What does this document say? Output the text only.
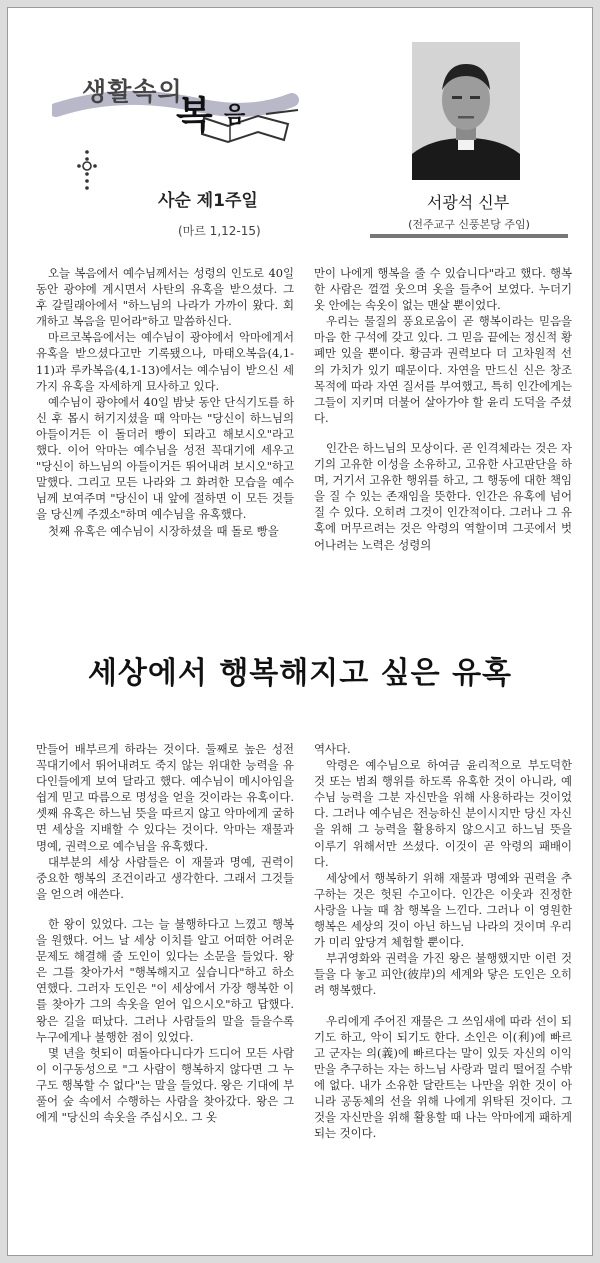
생활속의
복 음
사순 제1주일
(마르 1,12-15)
서광석 신부
(전주교구 신풍본당 주임)

오늘 복음에서 예수님께서는 성령의 인도로 40일 동안 광야에 계시면서 사탄의 유혹을 받으셨다. 그 후 갈릴래아에서 "하느님의 나라가 가까이 왔다. 회개하고 복음을 믿어라"하고 말씀하신다.

마르코복음에서는 예수님이 광야에서 악마에게서 유혹을 받으셨다고만 기록됐으나, 마태오복음(4,1-11)과 루카복음(4,1-13)에서는 예수님이 받으신 세 가지 유혹을 자세하게 묘사하고 있다.

예수님이 광야에서 40일 밤낮 동안 단식기도를 하신 후 몹시 허기지셨을 때 악마는 "당신이 하느님의 아들이거든 이 돌더러 빵이 되라고 해보시오"라고 했다. 이어 악마는 예수님을 성전 꼭대기에 세우고 "당신이 하느님의 아들이거든 뛰어내려 보시오"하고 말했다. 그리고 모든 나라와 그 화려한 모습을 예수님께 보여주며 "당신이 내 앞에 절하면 이 모든 것들을 당신께 주겠소"하며 예수님을 유혹했다.

첫째 유혹은 예수님이 시장하셨을 때 돌로 빵을

만이 나에게 행복을 줄 수 있습니다"라고 했다. 행복한 사람은 껄껄 웃으며 옷을 들추어 보였다. 누더기 옷 안에는 속옷이 없는 맨살 뿐이었다.

우리는 물질의 풍요로움이 곧 행복이라는 믿음을 마음 한 구석에 갖고 있다. 그 믿음 끝에는 정신적 황폐만 있을 뿐이다. 황금과 권력보다 더 고차원적 선의 가치가 있기 때문이다. 자연을 만드신 신은 창조목적에 따라 자연 질서를 부여했고, 특히 인간에게는 그들이 지키며 더불어 살아가야 할 윤리 도덕을 주셨다.

인간은 하느님의 모상이다. 곧 인격체라는 것은 자기의 고유한 이성을 소유하고, 고유한 사고판단을 하며, 거기서 고유한 행위를 하고, 그 행동에 대한 책임을 질 수 있는 존재임을 뜻한다. 인간은 유혹에 넘어질 수 있다. 오히려 그것이 인간적이다. 그러나 그 유혹에 머무르려는 것은 악령의 역할이며 그곳에서 벗어나려는 노력은 성령의

세상에서 행복해지고 싶은 유혹

만들어 배부르게 하라는 것이다. 둘째로 높은 성전 꼭대기에서 뛰어내려도 죽지 않는 위대한 능력을 유다인들에게 보여 달라고 했다. 예수님이 메시아임을 쉽게 믿고 따름으로 명성을 얻을 것이라는 유혹이다. 셋째 유혹은 하느님 뜻을 따르지 않고 악마에게 굴하면 세상을 지배할 수 있다는 것이다. 악마는 재물과 명예, 권력으로 예수님을 유혹했다.

대부분의 세상 사람들은 이 재물과 명예, 권력이 중요한 행복의 조건이라고 생각한다. 그래서 그것들을 얻으려 애쓴다.

한 왕이 있었다. 그는 늘 불행하다고 느꼈고 행복을 원했다. 어느 날 세상 이치를 알고 어떠한 어려운 문제도 해결해 줄 도인이 있다는 소문을 들었다. 왕은 그를 찾아가서 "행복해지고 싶습니다"하고 하소연했다. 그러자 도인은 "이 세상에서 가장 행복한 이를 찾아가 그의 속옷을 얻어 입으시오"하고 답했다. 왕은 길을 떠났다. 그러나 사람들의 말을 들을수록 누구에게나 불행한 점이 있었다.

몇 년을 헛되이 떠돌아다니다가 드디어 모든 사람이 이구동성으로 "그 사람이 행복하지 않다면 그 누구도 행복할 수 없다"는 말을 들었다. 왕은 기대에 부풀어 숲 속에서 수행하는 사람을 찾아갔다. 왕은 그에게 "당신의 속옷을 주십시오. 그 옷

역사다.

악령은 예수님으로 하여금 윤리적으로 부도덕한 것 또는 범죄 행위를 하도록 유혹한 것이 아니라, 예수님 능력을 그분 자신만을 위해 사용하라는 것이었다. 그러나 예수님은 전능하신 분이시지만 당신 자신을 위해 그 능력을 활용하지 않으시고 하느님 뜻을 이루기 위해서만 쓰셨다. 이것이 곧 악령의 패배이다.

세상에서 행복하기 위해 재물과 명예와 권력을 추구하는 것은 헛된 수고이다. 인간은 이웃과 진정한 사랑을 나눌 때 참 행복을 느낀다. 그러나 이 영원한 행복은 세상의 것이 아닌 하느님 나라의 것이며 우리가 미리 앞당겨 체험할 뿐이다.

부귀영화와 권력을 가진 왕은 불행했지만 이런 것들을 다 놓고 피안(彼岸)의 세계와 닿은 도인은 오히려 행복했다.

우리에게 주어진 재물은 그 쓰임새에 따라 선이 되기도 하고, 악이 되기도 한다. 소인은 이(利)에 빠르고 군자는 의(義)에 빠르다는 말이 있듯 자신의 이익만을 추구하는 자는 하느님 사랑과 멀리 떨어질 수밖에 없다. 내가 소유한 달란트는 나만을 위한 것이 아니라 공동체의 선을 위해 나에게 위탁된 것이다. 그것을 자신만을 위해 활용할 때 나는 악마에게 패하게 되는 것이다.
